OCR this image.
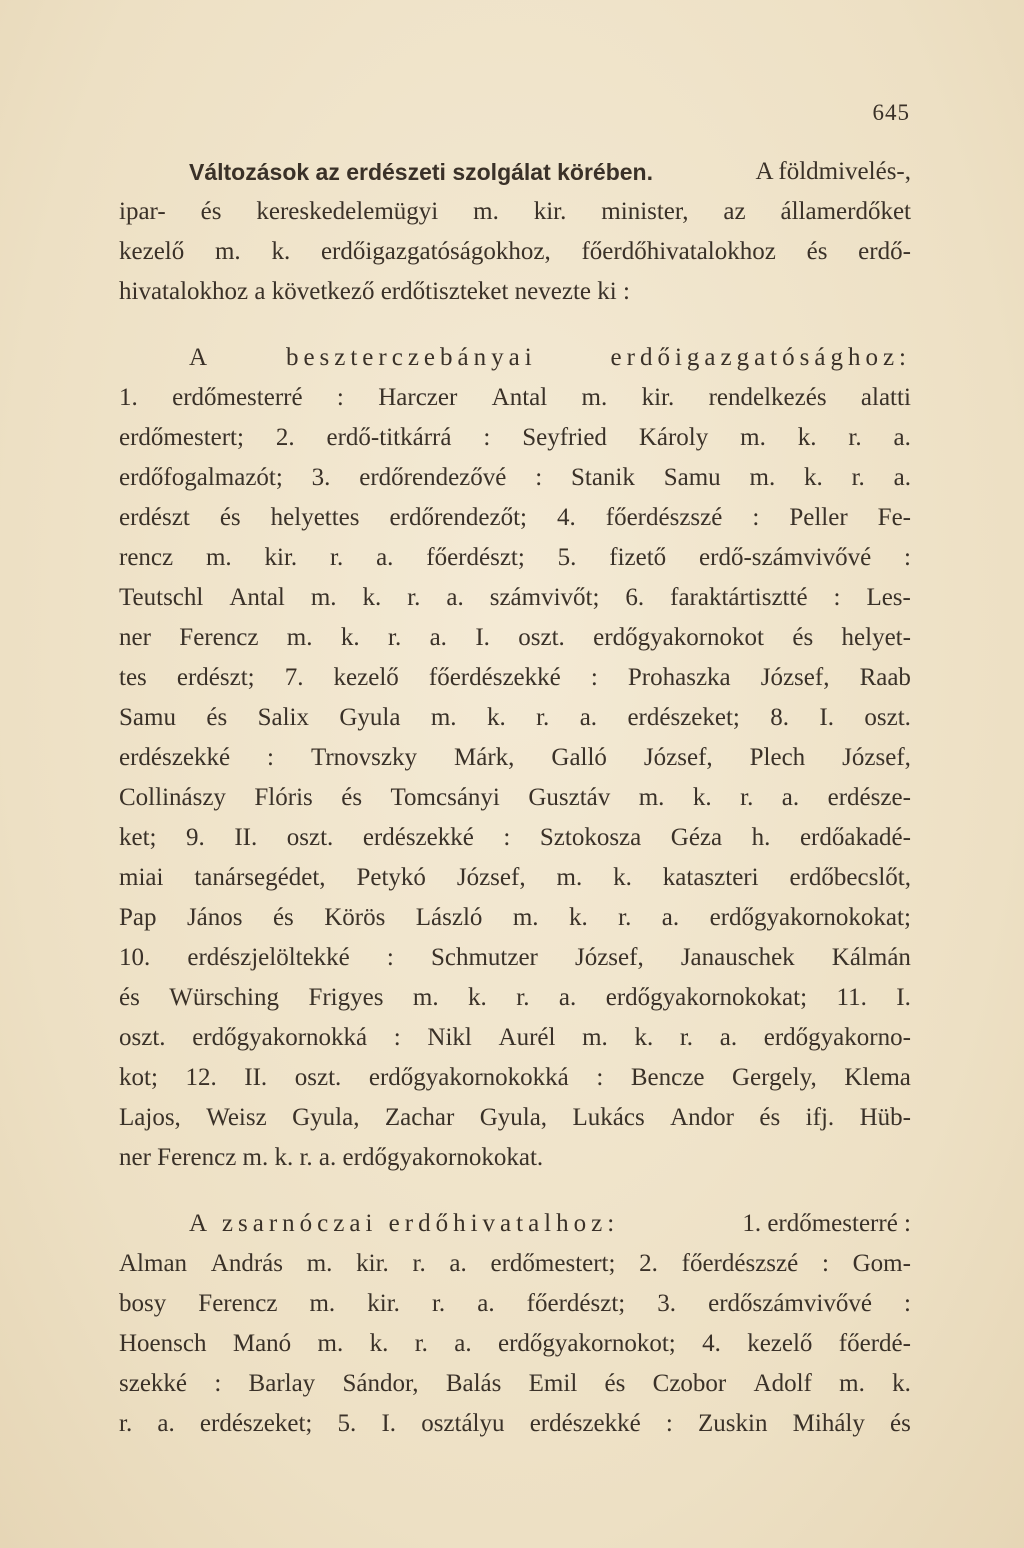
645
Változások az erdészeti szolgálat körében.	A földmivelés-,
ipar- és kereskedelemügyi m. kir. minister, az államerdőket
kezelő m. k. erdőigazgatóságokhoz, főerdőhivatalokhoz és erdő-
hivatalokhoz a következő erdőtiszteket nevezte ki :
A	beszterczebányai	erdőigazgatósághoz:
1. erdőmesterré : Harczer Antal m. kir. rendelkezés alatti
erdőmestert; 2. erdő-titkárrá : Seyfried Károly m. k. r. a.
erdőfogalmazót; 3. erdőrendezővé : Stanik Samu m. k. r. a.
erdészt és helyettes erdőrendezőt; 4. főerdészszé : Peller Fe-
rencz m. kir. r. a. főerdészt; 5. fizető erdő-számvivővé :
Teutschl Antal m. k. r. a. számvivőt; 6. faraktártisztté : Les-
ner Ferencz m. k. r. a. I. oszt. erdőgyakornokot és helyet-
tes erdészt; 7. kezelő főerdészekké : Prohaszka József, Raab
Samu és Salix Gyula m. k. r. a. erdészeket; 8. I. oszt.
erdészekké : Trnovszky Márk, Galló József, Plech József,
Collinászy Flóris és Tomcsányi Gusztáv m. k. r. a. erdésze-
ket; 9. II. oszt. erdészekké : Sztokosza Géza h. erdőakadé-
miai tanársegédet, Petykó József, m. k. kataszteri erdőbecslőt,
Pap János és Körös László m. k. r. a. erdőgyakornokokat;
10. erdészjelöltekké : Schmutzer József, Janauschek Kálmán
és Würsching Frigyes m. k. r. a. erdőgyakornokokat; 11. I.
oszt. erdőgyakornokká : Nikl Aurél m. k. r. a. erdőgyakorno-
kot; 12. II. oszt. erdőgyakornokokká : Bencze Gergely, Klema
Lajos, Weisz Gyula, Zachar Gyula, Lukács Andor és ifj. Hüb-
ner Ferencz m. k. r. a. erdőgyakornokokat.
A zsarnóczai erdőhivatalhoz:	1. erdőmesterré :
Alman András m. kir. r. a. erdőmestert; 2. főerdészszé : Gom-
bosy Ferencz m. kir. r. a. főerdészt; 3. erdőszámvivővé :
Hoensch Manó m. k. r. a. erdőgyakornokot; 4. kezelő főerdé-
szekké : Barlay Sándor, Balás Emil és Czobor Adolf m. k.
r. a. erdészeket; 5. I. osztályu erdészekké : Zuskin Mihály és
